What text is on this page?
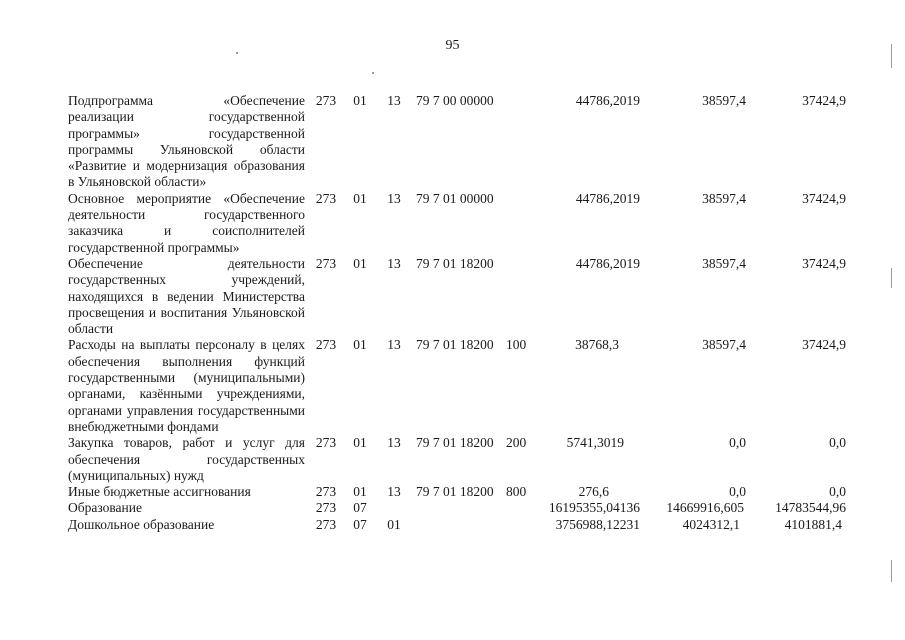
95
Подпрограмма «Обеспечение реализации государственной программы» государственной программы Ульяновской области «Развитие и модернизация образования в Ульяновской области»	273	01	13	79 7 00 00000		44786,2019	38597,4	37424,9
Основное мероприятие «Обеспечение деятельности государственного заказчика и соисполнителей государственной программы»	273	01	13	79 7 01 00000		44786,2019	38597,4	37424,9
Обеспечение деятельности государственных учреждений, находящихся в ведении Министерства просвещения и воспитания Ульяновской области	273	01	13	79 7 01 18200		44786,2019	38597,4	37424,9
Расходы на выплаты персоналу в целях обеспечения выполнения функций государственными (муниципальными) органами, казёнными учреждениями, органами управления государственными внебюджетными фондами	273	01	13	79 7 01 18200	100	38768,3	38597,4	37424,9
Закупка товаров, работ и услуг для обеспечения государственных (муниципальных) нужд	273	01	13	79 7 01 18200	200	5741,3019	0,0	0,0
Иные бюджетные ассигнования	273	01	13	79 7 01 18200	800	276,6	0,0	0,0
Образование	273	07				16195355,04136	14669916,605	14783544,96
Дошкольное образование	273	07	01			3756988,12231	4024312,1	4101881,4
